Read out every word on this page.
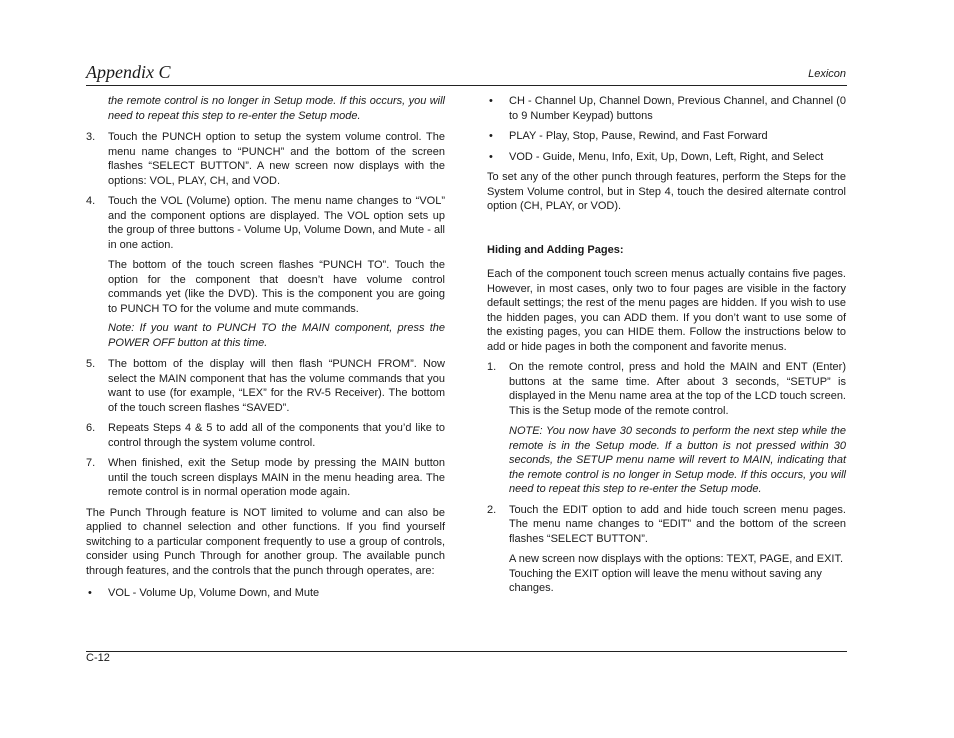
Appendix C	Lexicon

the remote control is no longer in Setup mode. If this occurs, you will need to repeat this step to re-enter the Setup mode.

3. Touch the PUNCH option to setup the system volume control. The menu name changes to “PUNCH” and the bottom of the screen flashes “SELECT BUTTON”. A new screen now displays with the options: VOL, PLAY, CH, and VOD.

4. Touch the VOL (Volume) option. The menu name changes to “VOL” and the component options are displayed. The VOL option sets up the group of three buttons - Volume Up, Volume Down, and Mute - all in one action.

The bottom of the touch screen flashes “PUNCH TO”. Touch the option for the component that doesn’t have volume control commands yet (like the DVD). This is the component you are going to PUNCH TO for the volume and mute commands.

Note: If you want to PUNCH TO the MAIN component, press the POWER OFF button at this time.

5. The bottom of the display will then flash “PUNCH FROM”. Now select the MAIN component that has the volume commands that you want to use (for example, “LEX” for the RV-5 Receiver). The bottom of the touch screen flashes “SAVED”.

6. Repeats Steps 4 & 5 to add all of the components that you’d like to control through the system volume control.

7. When finished, exit the Setup mode by pressing the MAIN button until the touch screen displays MAIN in the menu heading area. The remote control is in normal operation mode again.

The Punch Through feature is NOT limited to volume and can also be applied to channel selection and other functions. If you find yourself switching to a particular component frequently to use a group of controls, consider using Punch Through for another group. The available punch through features, and the controls that the punch through operates, are:

• VOL - Volume Up, Volume Down, and Mute

• CH - Channel Up, Channel Down, Previous Channel, and Channel (0 to 9 Number Keypad) buttons

• PLAY - Play, Stop, Pause, Rewind, and Fast Forward

• VOD - Guide, Menu, Info, Exit, Up, Down, Left, Right, and Select

To set any of the other punch through features, perform the Steps for the System Volume control, but in Step 4, touch the desired alternate control option (CH, PLAY, or VOD).

Hiding and Adding Pages:

Each of the component touch screen menus actually contains five pages. However, in most cases, only two to four pages are visible in the factory default settings; the rest of the menu pages are hidden. If you wish to use the hidden pages, you can ADD them. If you don’t want to use some of the existing pages, you can HIDE them. Follow the instructions below to add or hide pages in both the component and favorite menus.

1. On the remote control, press and hold the MAIN and ENT (Enter) buttons at the same time. After about 3 seconds, “SETUP” is displayed in the Menu name area at the top of the LCD touch screen. This is the Setup mode of the remote control.

NOTE: You now have 30 seconds to perform the next step while the remote is in the Setup mode. If a button is not pressed within 30 seconds, the SETUP menu name will revert to MAIN, indicating that the remote control is no longer in Setup mode. If this occurs, you will need to repeat this step to re-enter the Setup mode.

2. Touch the EDIT option to add and hide touch screen menu pages. The menu name changes to “EDIT” and the bottom of the screen flashes “SELECT BUTTON”.

A new screen now displays with the options: TEXT, PAGE, and EXIT. Touching the EXIT option will leave the menu without saving any changes.

C-12
